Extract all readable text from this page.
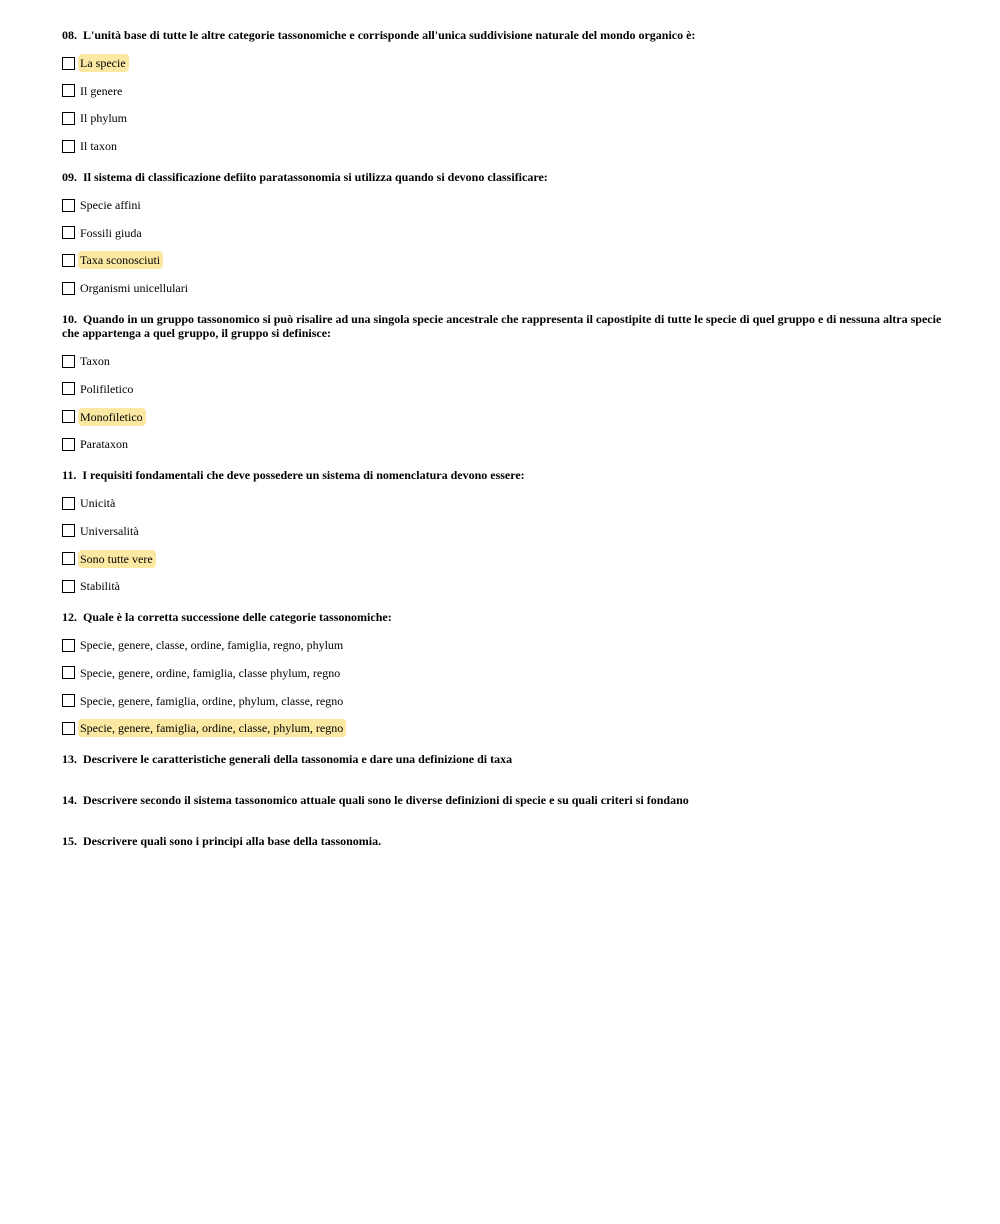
08. L'unità base di tutte le altre categorie tassonomiche e corrisponde all'unica suddivisione naturale del mondo organico è:
La specie
Il genere
Il phylum
Il taxon
09. Il sistema di classificazione defiito paratassonomia si utilizza quando si devono classificare:
Specie affini
Fossili giuda
Taxa sconosciuti
Organismi unicellulari
10. Quando in un gruppo tassonomico si può risalire ad una singola specie ancestrale che rappresenta il capostipite di tutte le specie di quel gruppo e di nessuna altra specie che appartenga a quel gruppo, il gruppo si definisce:
Taxon
Polifiletico
Monofiletico
Parataxon
11. I requisiti fondamentali che deve possedere un sistema di nomenclatura devono essere:
Unicità
Universalità
Sono tutte vere
Stabilità
12. Quale è la corretta successione delle categorie tassonomiche:
Specie, genere, classe, ordine, famiglia, regno, phylum
Specie, genere, ordine, famiglia, classe phylum, regno
Specie, genere, famiglia, ordine, phylum, classe, regno
Specie, genere, famiglia, ordine, classe, phylum, regno
13. Descrivere le caratteristiche generali della tassonomia e dare una definizione di taxa
14. Descrivere secondo il sistema tassonomico attuale quali sono le diverse definizioni di specie e su quali criteri si fondano
15. Descrivere quali sono i principi alla base della tassonomia.
